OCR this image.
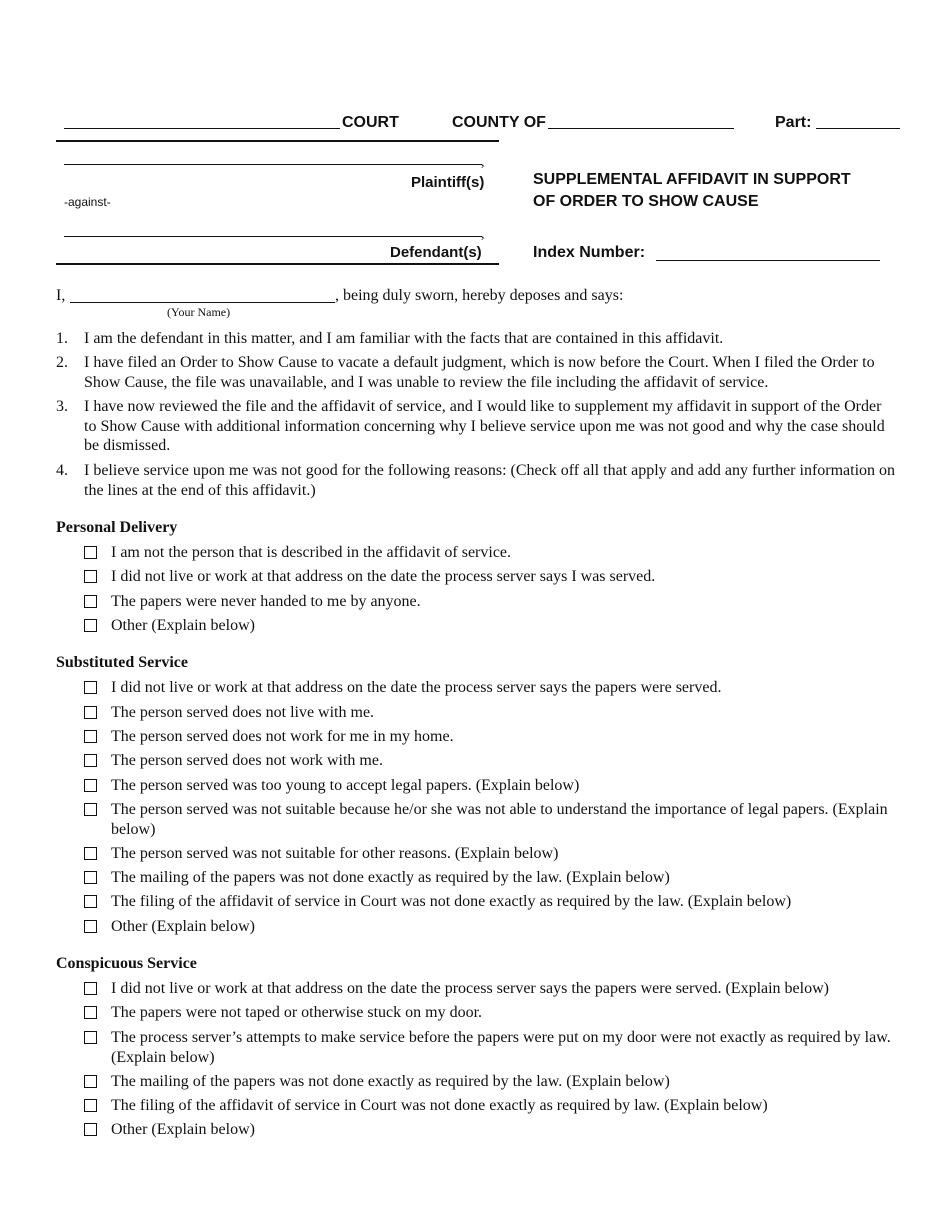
COURT	COUNTY OF	Part:
,
Plaintiff(s)
-against-
,
Defendant(s)
SUPPLEMENTAL AFFIDAVIT IN SUPPORT
OF ORDER TO SHOW CAUSE
Index Number:
I,	, being duly sworn, hereby deposes and says:
(Your Name)
1.	I am the defendant in this matter, and I am familiar with the facts that are contained in this affidavit.
2.	I have filed an Order to Show Cause to vacate a default judgment, which is now before the Court. When I filed the Order to Show Cause, the file was unavailable, and I was unable to review the file including the affidavit of service.
3.	I have now reviewed the file and the affidavit of service, and I would like to supplement my affidavit in support of the Order to Show Cause with additional information concerning why I believe service upon me was not good and why the case should be dismissed.
4.	I believe service upon me was not good for the following reasons: (Check off all that apply and add any further information on the lines at the end of this affidavit.)
Personal Delivery
I am not the person that is described in the affidavit of service.
I did not live or work at that address on the date the process server says I was served.
The papers were never handed to me by anyone.
Other (Explain below)
Substituted Service
I did not live or work at that address on the date the process server says the papers were served.
The person served does not live with me.
The person served does not work for me in my home.
The person served does not work with me.
The person served was too young to accept legal papers. (Explain below)
The person served was not suitable because he/or she was not able to understand the importance of legal papers. (Explain below)
The person served was not suitable for other reasons. (Explain below)
The mailing of the papers was not done exactly as required by the law. (Explain below)
The filing of the affidavit of service in Court was not done exactly as required by the law. (Explain below)
Other (Explain below)
Conspicuous Service
I did not live or work at that address on the date the process server says the papers were served. (Explain below)
The papers were not taped or otherwise stuck on my door.
The process server’s attempts to make service before the papers were put on my door were not exactly as required by law. (Explain below)
The mailing of the papers was not done exactly as required by the law. (Explain below)
The filing of the affidavit of service in Court was not done exactly as required by law. (Explain below)
Other (Explain below)
